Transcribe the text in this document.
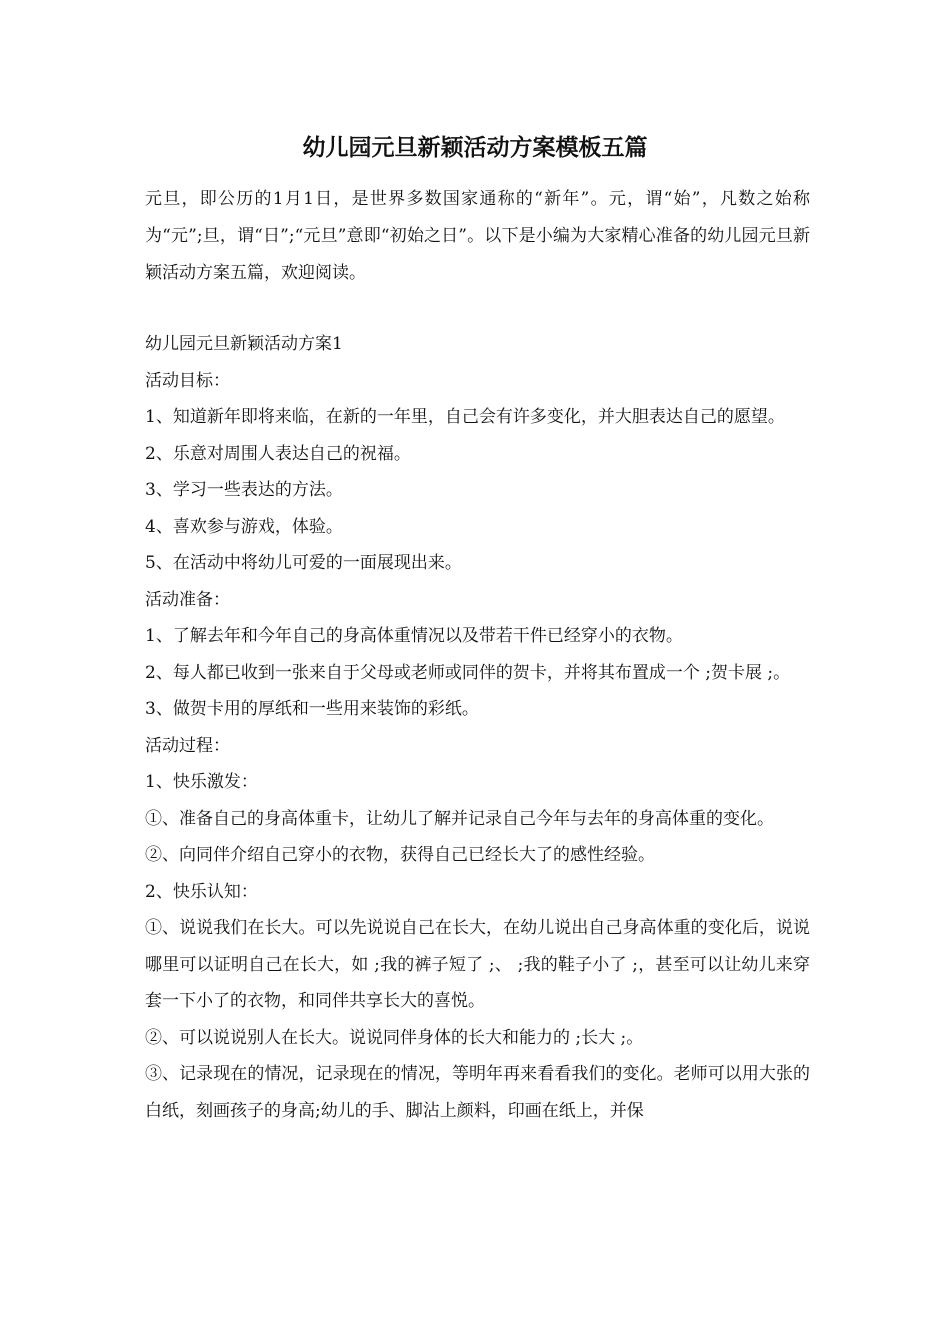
幼儿园元旦新颖活动方案模板五篇

元旦，即公历的1月1日，是世界多数国家通称的“新年”。元，谓“始”，凡数之始称为“元”;旦，谓“日”;“元旦”意即“初始之日”。以下是小编为大家精心准备的幼儿园元旦新颖活动方案五篇，欢迎阅读。

幼儿园元旦新颖活动方案1

活动目标：

1、知道新年即将来临，在新的一年里，自己会有许多变化，并大胆表达自己的愿望。

2、乐意对周围人表达自己的祝福。

3、学习一些表达的方法。

4、喜欢参与游戏，体验。

5、在活动中将幼儿可爱的一面展现出来。

活动准备：

1、了解去年和今年自己的身高体重情况以及带若干件已经穿小的衣物。

2、每人都已收到一张来自于父母或老师或同伴的贺卡，并将其布置成一个 ;贺卡展 ;。

3、做贺卡用的厚纸和一些用来装饰的彩纸。

活动过程：

1、快乐激发：

①、准备自己的身高体重卡，让幼儿了解并记录自己今年与去年的身高体重的变化。

②、向同伴介绍自己穿小的衣物，获得自己已经长大了的感性经验。

2、快乐认知：

①、说说我们在长大。可以先说说自己在长大，在幼儿说出自己身高体重的变化后，说说哪里可以证明自己在长大，如 ;我的裤子短了 ;、 ;我的鞋子小了 ;，甚至可以让幼儿来穿套一下小了的衣物，和同伴共享长大的喜悦。

②、可以说说别人在长大。说说同伴身体的长大和能力的 ;长大 ;。

③、记录现在的情况，记录现在的情况，等明年再来看看我们的变化。老师可以用大张的白纸，刻画孩子的身高;幼儿的手、脚沾上颜料，印画在纸上，并保
